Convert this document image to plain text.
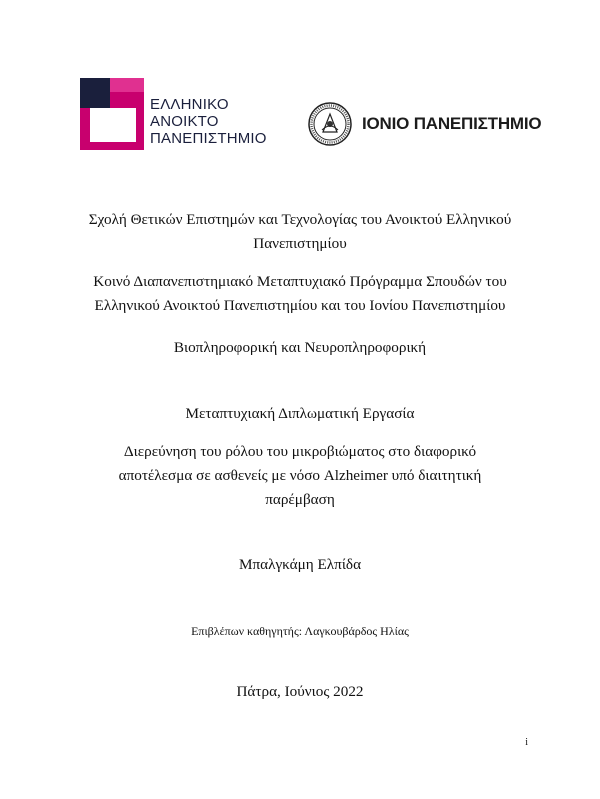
ΕΛΛΗΝΙΚΟ
ΑΝΟΙΚΤΟ
ΠΑΝΕΠΙΣΤΗΜΙΟ
ΙΟΝΙΟ ΠΑΝΕΠΙΣΤΗΜΙΟ
Σχολή Θετικών Επιστημών και Τεχνολογίας του Ανοικτού Ελληνικού
Πανεπιστημίου
Κοινό Διαπανεπιστημιακό Μεταπτυχιακό Πρόγραμμα Σπουδών του
Ελληνικού Ανοικτού Πανεπιστημίου και του Ιονίου Πανεπιστημίου
Βιοπληροφορική και Νευροπληροφορική
Μεταπτυχιακή Διπλωματική Εργασία
Διερεύνηση του ρόλου του μικροβιώματος στο διαφορικό
αποτέλεσμα σε ασθενείς με νόσο Alzheimer υπό διαιτητική
παρέμβαση
Μπαλγκάμη Ελπίδα
Επιβλέπων καθηγητής: Λαγκουβάρδος Ηλίας
Πάτρα, Ιούνιος 2022
i
